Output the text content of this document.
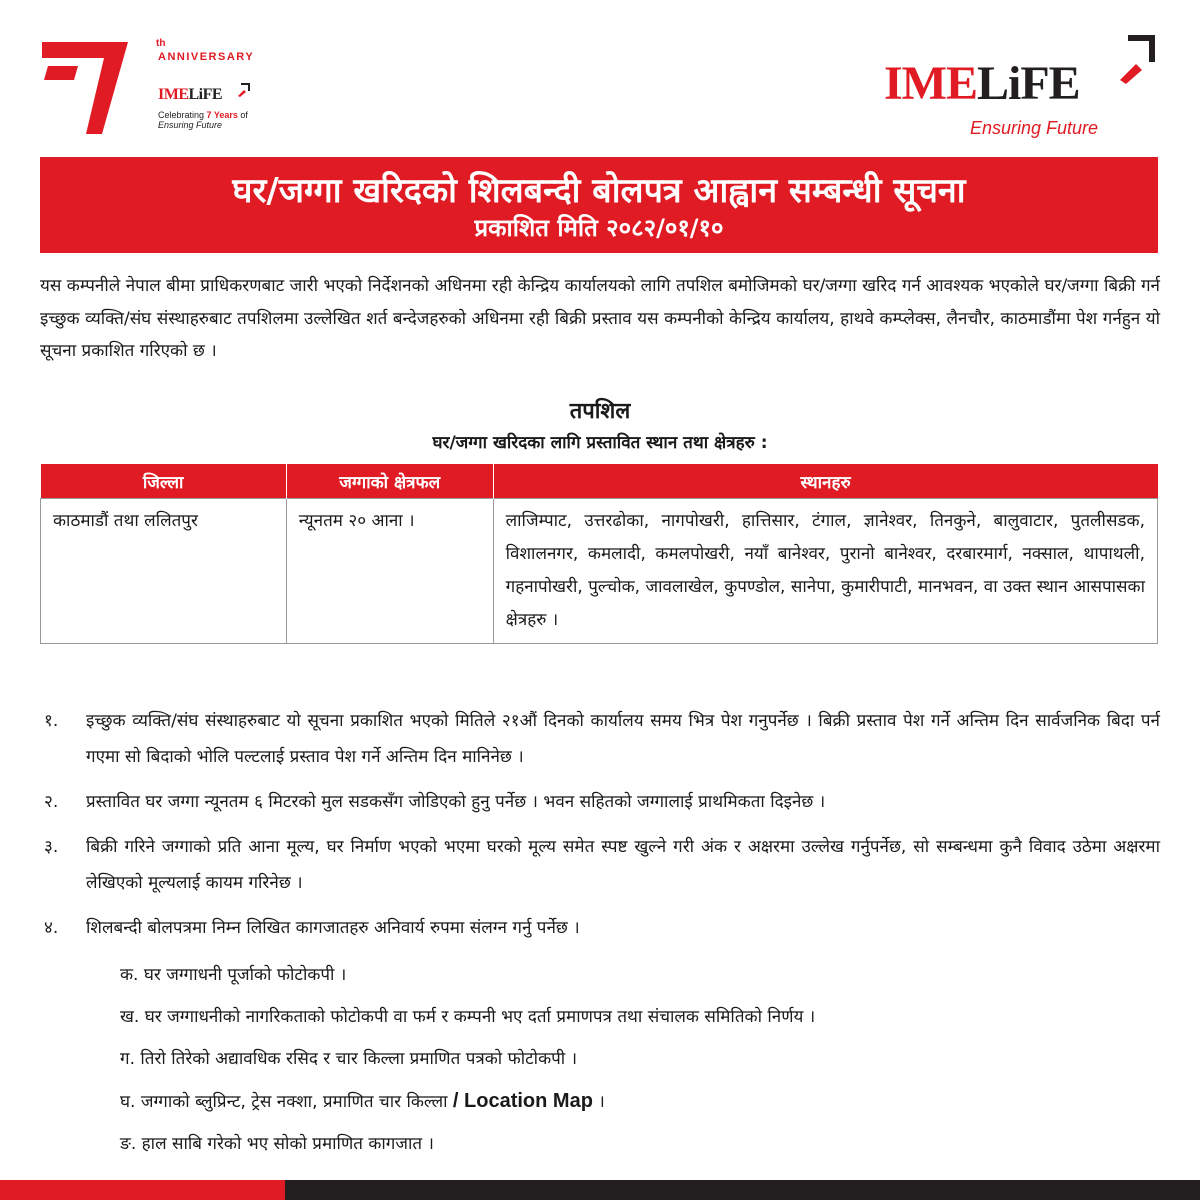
th
ANNIVERSARY
IMELiFE
Celebrating 7 Years of
Ensuring Future
IMELiFE
Ensuring Future
घर/जग्गा खरिदको शिलबन्दी बोलपत्र आह्वान सम्बन्धी सूचना
प्रकाशित मिति २०८२/०१/१०
यस कम्पनीले नेपाल बीमा प्राधिकरणबाट जारी भएको निर्देशनको अधिनमा रही केन्द्रिय कार्यालयको लागि तपशिल बमोजिमको घर/जग्गा खरिद गर्न आवश्यक भएकोले घर/जग्गा बिक्री गर्न इच्छुक व्यक्ति/संघ संस्थाहरुबाट तपशिलमा उल्लेखित शर्त बन्देजहरुको अधिनमा रही बिक्री प्रस्ताव यस कम्पनीको केन्द्रिय कार्यालय, हाथवे कम्प्लेक्स, लैनचौर, काठमाडौंमा पेश गर्नहुन यो सूचना प्रकाशित गरिएको छ ।
तपशिल
घर/जग्गा खरिदका लागि प्रस्तावित स्थान तथा क्षेत्रहरु :
जिल्ला	जग्गाको क्षेत्रफल	स्थानहरु
काठमाडौं तथा ललितपुर	न्यूनतम २० आना ।	लाजिम्पाट, उत्तरढोका, नागपोखरी, हात्तिसार, टंगाल, ज्ञानेश्वर, तिनकुने, बालुवाटार, पुतलीसडक, विशालनगर, कमलादी, कमलपोखरी, नयाँ बानेश्वर, पुरानो बानेश्वर, दरबारमार्ग, नक्साल, थापाथली, गहनापोखरी, पुल्चोक, जावलाखेल, कुपण्डोल, सानेपा, कुमारीपाटी, मानभवन, वा उक्त स्थान आसपासका क्षेत्रहरु ।
१. इच्छुक व्यक्ति/संघ संस्थाहरुबाट यो सूचना प्रकाशित भएको मितिले २१औं दिनको कार्यालय समय भित्र पेश गनुपर्नेछ । बिक्री प्रस्ताव पेश गर्ने अन्तिम दिन सार्वजनिक बिदा पर्न गएमा सो बिदाको भोलि पल्टलाई प्रस्ताव पेश गर्ने अन्तिम दिन मानिनेछ ।
२. प्रस्तावित घर जग्गा न्यूनतम ६ मिटरको मुल सडकसँग जोडिएको हुनु पर्नेछ । भवन सहितको जग्गालाई प्राथमिकता दिइनेछ ।
३. बिक्री गरिने जग्गाको प्रति आना मूल्य, घर निर्माण भएको भएमा घरको मूल्य समेत स्पष्ट खुल्ने गरी अंक र अक्षरमा उल्लेख गर्नुपर्नेछ, सो सम्बन्धमा कुनै विवाद उठेमा अक्षरमा लेखिएको मूल्यलाई कायम गरिनेछ ।
४. शिलबन्दी बोलपत्रमा निम्न लिखित कागजातहरु अनिवार्य रुपमा संलग्न गर्नु पर्नेछ ।
क. घर जग्गाधनी पूर्जाको फोटोकपी ।
ख. घर जग्गाधनीको नागरिकताको फोटोकपी वा फर्म र कम्पनी भए दर्ता प्रमाणपत्र तथा संचालक समितिको निर्णय ।
ग. तिरो तिरेको अद्यावधिक रसिद र चार किल्ला प्रमाणित पत्रको फोटोकपी ।
घ. जग्गाको ब्लुप्रिन्ट, ट्रेस नक्शा, प्रमाणित चार किल्ला / Location Map ।
ङ. हाल साबि गरेको भए सोको प्रमाणित कागजात ।
